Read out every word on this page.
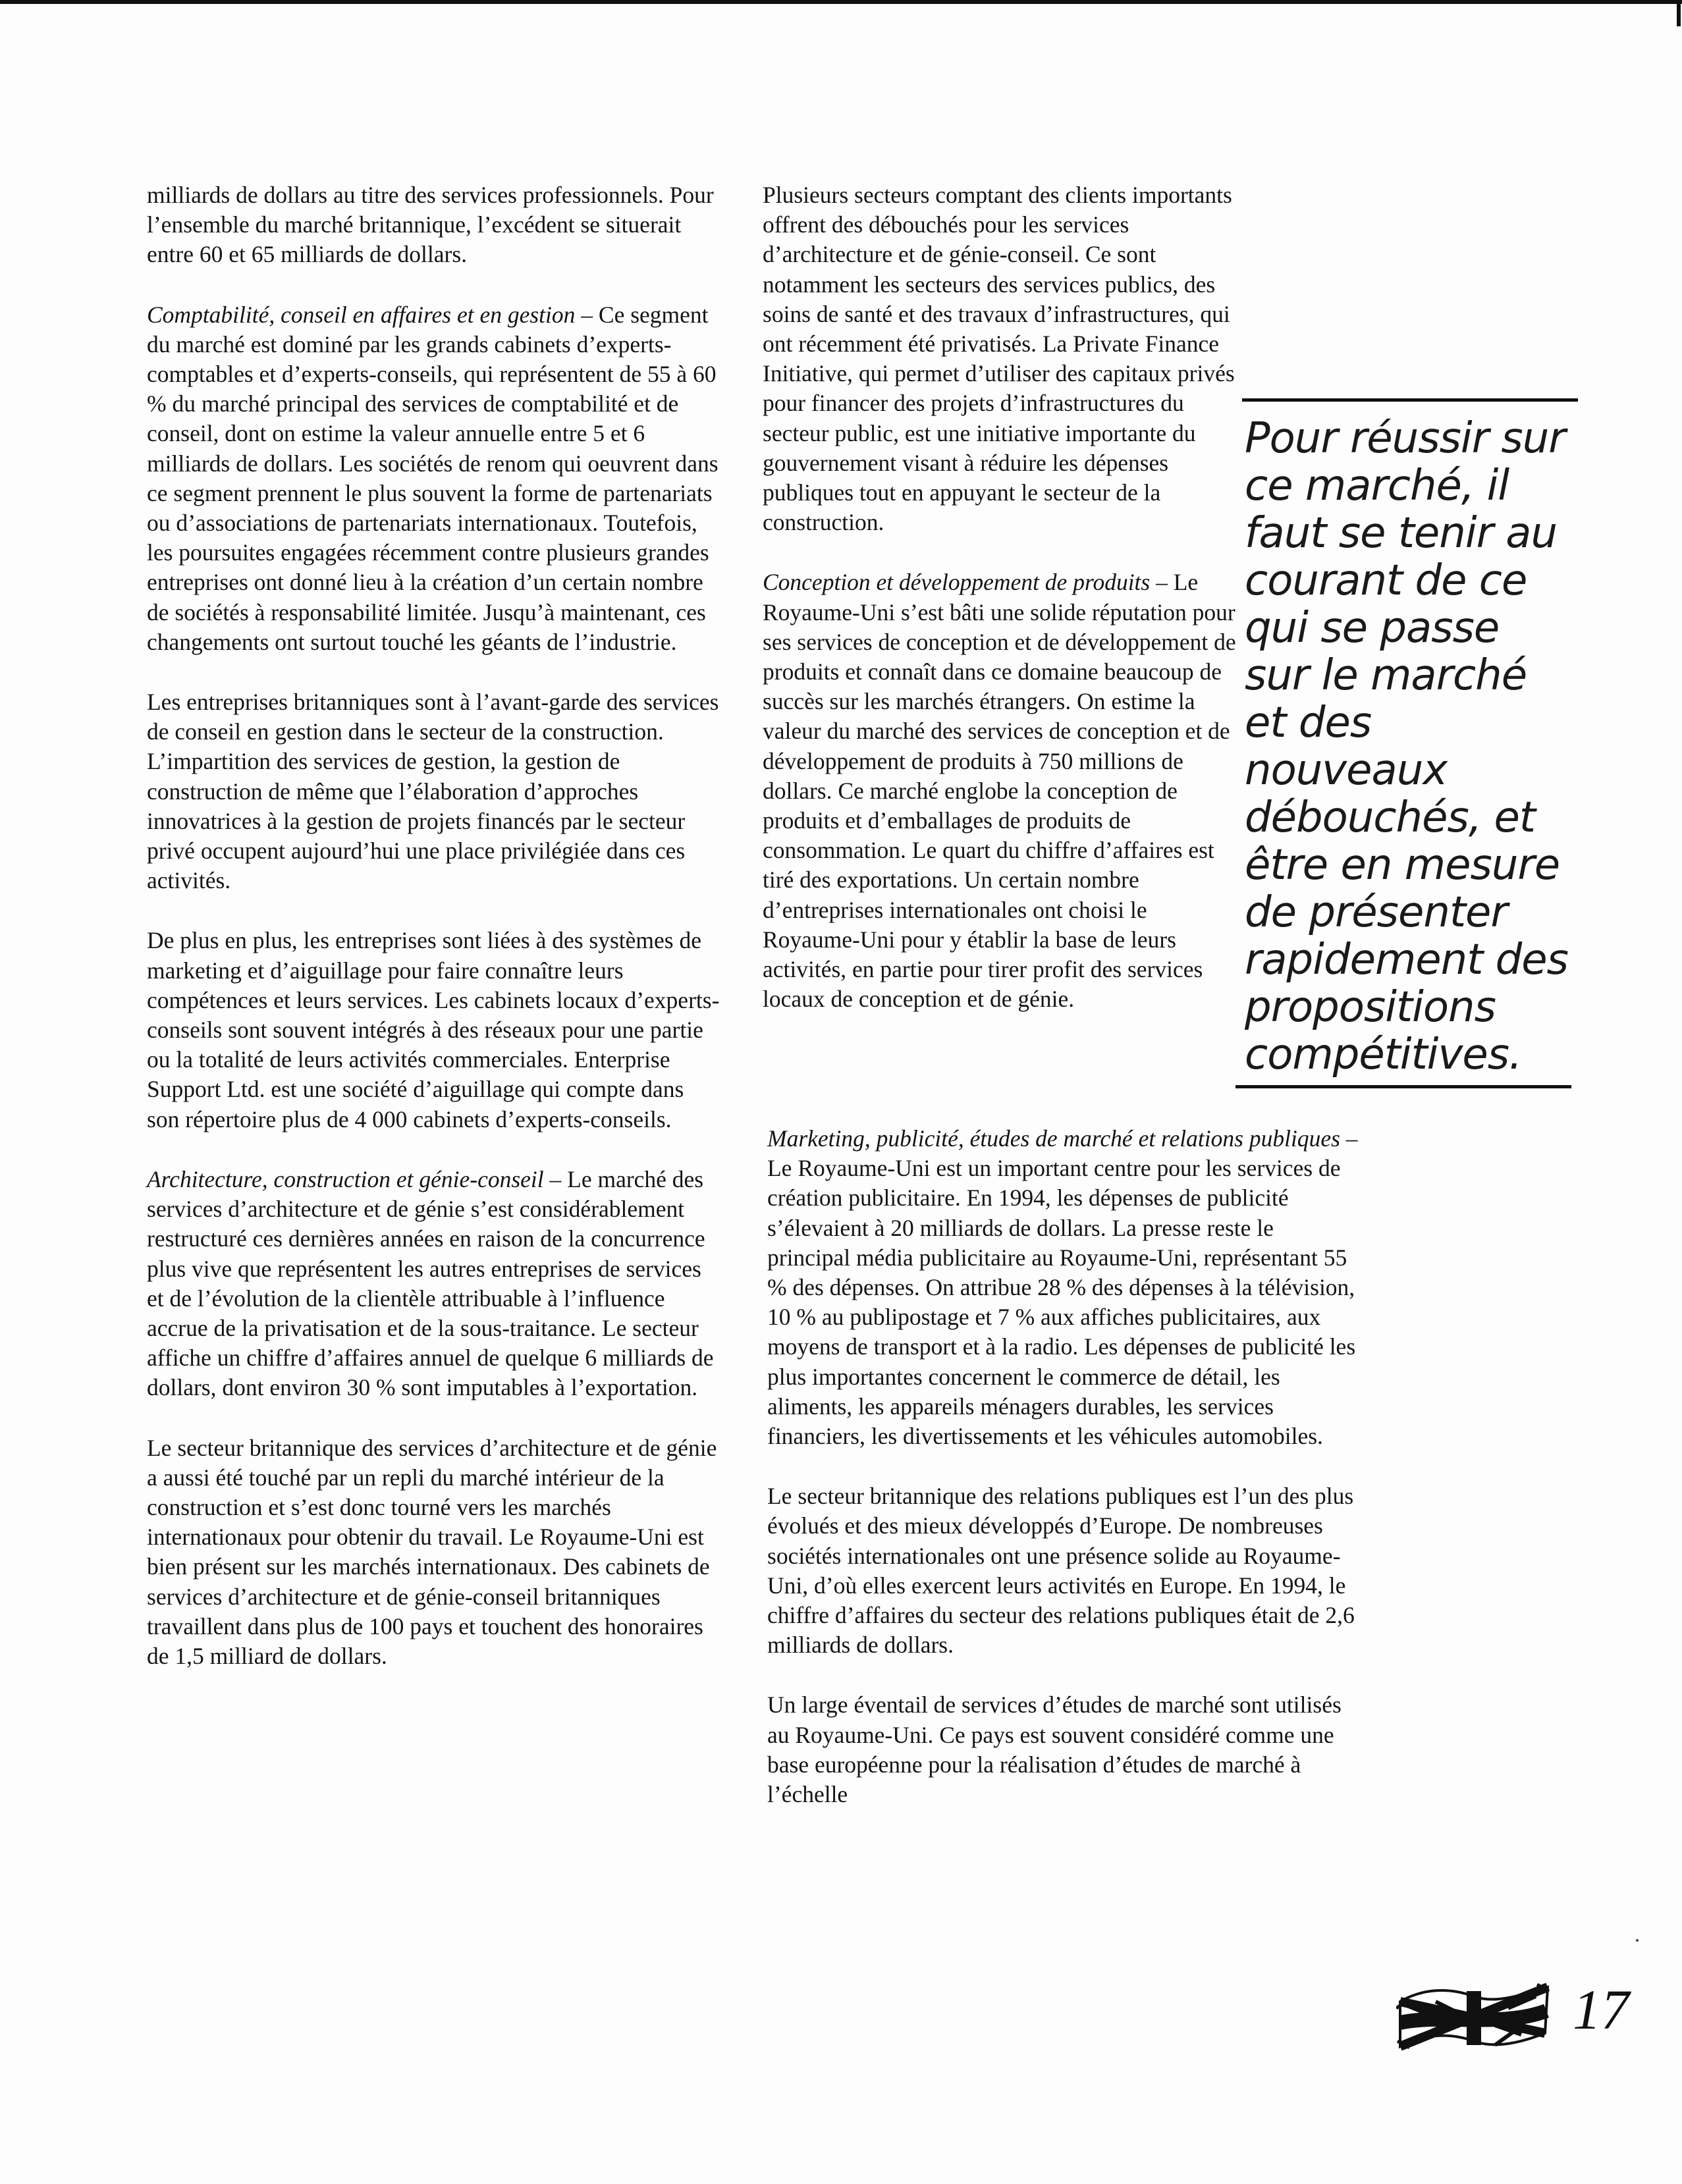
milliards de dollars au titre des services professionnels. Pour l’ensemble du marché britannique, l’excédent se situerait entre 60 et 65 milliards de dollars.

Comptabilité, conseil en affaires et en gestion – Ce segment du marché est dominé par les grands cabinets d’experts-comptables et d’experts-conseils, qui représentent de 55 à 60 % du marché principal des services de comptabilité et de conseil, dont on estime la valeur annuelle entre 5 et 6 milliards de dollars. Les sociétés de renom qui oeuvrent dans ce segment prennent le plus souvent la forme de partenariats ou d’associations de partenariats internationaux. Toutefois, les poursuites engagées récemment contre plusieurs grandes entreprises ont donné lieu à la création d’un certain nombre de sociétés à responsabilité limitée. Jusqu’à maintenant, ces changements ont surtout touché les géants de l’industrie.

Les entreprises britanniques sont à l’avant-garde des services de conseil en gestion dans le secteur de la construction. L’impartition des services de gestion, la gestion de construction de même que l’élaboration d’approches innovatrices à la gestion de projets financés par le secteur privé occupent aujourd’hui une place privilégiée dans ces activités.

De plus en plus, les entreprises sont liées à des systèmes de marketing et d’aiguillage pour faire connaître leurs compétences et leurs services. Les cabinets locaux d’experts-conseils sont souvent intégrés à des réseaux pour une partie ou la totalité de leurs activités commerciales. Enterprise Support Ltd. est une société d’aiguillage qui compte dans son répertoire plus de 4 000 cabinets d’experts-conseils.

Architecture, construction et génie-conseil – Le marché des services d’architecture et de génie s’est considérablement restructuré ces dernières années en raison de la concurrence plus vive que représentent les autres entreprises de services et de l’évolution de la clientèle attribuable à l’influence accrue de la privatisation et de la sous-traitance. Le secteur affiche un chiffre d’affaires annuel de quelque 6 milliards de dollars, dont environ 30 % sont imputables à l’exportation.

Le secteur britannique des services d’architecture et de génie a aussi été touché par un repli du marché intérieur de la construction et s’est donc tourné vers les marchés internationaux pour obtenir du travail. Le Royaume-Uni est bien présent sur les marchés internationaux. Des cabinets de services d’architecture et de génie-conseil britanniques travaillent dans plus de 100 pays et touchent des honoraires de 1,5 milliard de dollars.

Plusieurs secteurs comptant des clients importants offrent des débouchés pour les services d’architecture et de génie-conseil. Ce sont notamment les secteurs des services publics, des soins de santé et des travaux d’infrastructures, qui ont récemment été privatisés. La Private Finance Initiative, qui permet d’utiliser des capitaux privés pour financer des projets d’infrastructures du secteur public, est une initiative importante du gouvernement visant à réduire les dépenses publiques tout en appuyant le secteur de la construction.

Conception et développement de produits – Le Royaume-Uni s’est bâti une solide réputation pour ses services de conception et de développement de produits et connaît dans ce domaine beaucoup de succès sur les marchés étrangers. On estime la valeur du marché des services de conception et de développement de produits à 750 millions de dollars. Ce marché englobe la conception de produits et d’emballages de produits de consommation. Le quart du chiffre d’affaires est tiré des exportations. Un certain nombre d’entreprises internationales ont choisi le Royaume-Uni pour y établir la base de leurs activités, en partie pour tirer profit des services locaux de conception et de génie.

Marketing, publicité, études de marché et relations publiques – Le Royaume-Uni est un important centre pour les services de création publicitaire. En 1994, les dépenses de publicité s’élevaient à 20 milliards de dollars. La presse reste le principal média publicitaire au Royaume-Uni, représentant 55 % des dépenses. On attribue 28 % des dépenses à la télévision, 10 % au publipostage et 7 % aux affiches publicitaires, aux moyens de transport et à la radio. Les dépenses de publicité les plus importantes concernent le commerce de détail, les aliments, les appareils ménagers durables, les services financiers, les divertissements et les véhicules automobiles.

Le secteur britannique des relations publiques est l’un des plus évolués et des mieux développés d’Europe. De nombreuses sociétés internationales ont une présence solide au Royaume-Uni, d’où elles exercent leurs activités en Europe. En 1994, le chiffre d’affaires du secteur des relations publiques était de 2,6 milliards de dollars.

Un large éventail de services d’études de marché sont utilisés au Royaume-Uni. Ce pays est souvent considéré comme une base européenne pour la réalisation d’études de marché à l’échelle

Pour réussir sur
ce marché, il
faut se tenir au
courant de ce
qui se passe
sur le marché
et des
nouveaux
débouchés, et
être en mesure
de présenter
rapidement des
propositions
compétitives.
17
